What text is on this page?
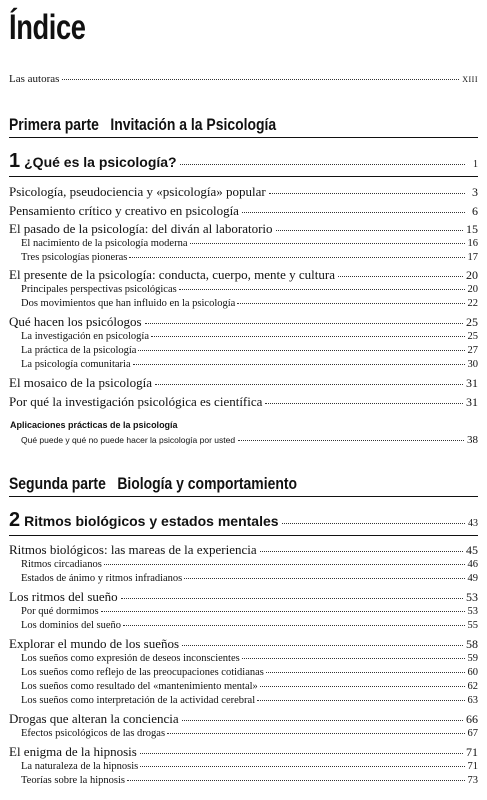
Índice
Las autoras	XIII
Primera parte Invitación a la Psicología
1 ¿Qué es la psicología?	1
Psicología, pseudociencia y «psicología» popular	3
Pensamiento crítico y creativo en psicología	6
El pasado de la psicología: del diván al laboratorio	15
El nacimiento de la psicología moderna	16
Tres psicologías pioneras	17
El presente de la psicología: conducta, cuerpo, mente y cultura	20
Principales perspectivas psicológicas	20
Dos movimientos que han influido en la psicología	22
Qué hacen los psicólogos	25
La investigación en psicología	25
La práctica de la psicología	27
La psicología comunitaria	30
El mosaico de la psicología	31
Por qué la investigación psicológica es científica	31
Aplicaciones prácticas de la psicología
Qué puede y qué no puede hacer la psicología por usted	38
Segunda parte Biología y comportamiento
2 Ritmos biológicos y estados mentales	43
Ritmos biológicos: las mareas de la experiencia	45
Ritmos circadianos	46
Estados de ánimo y ritmos infradianos	49
Los ritmos del sueño	53
Por qué dormimos	53
Los dominios del sueño	55
Explorar el mundo de los sueños	58
Los sueños como expresión de deseos inconscientes	59
Los sueños como reflejo de las preocupaciones cotidianas	60
Los sueños como resultado del «mantenimiento mental»	62
Los sueños como interpretación de la actividad cerebral	63
Drogas que alteran la conciencia	66
Efectos psicológicos de las drogas	67
El enigma de la hipnosis	71
La naturaleza de la hipnosis	71
Teorías sobre la hipnosis	73
